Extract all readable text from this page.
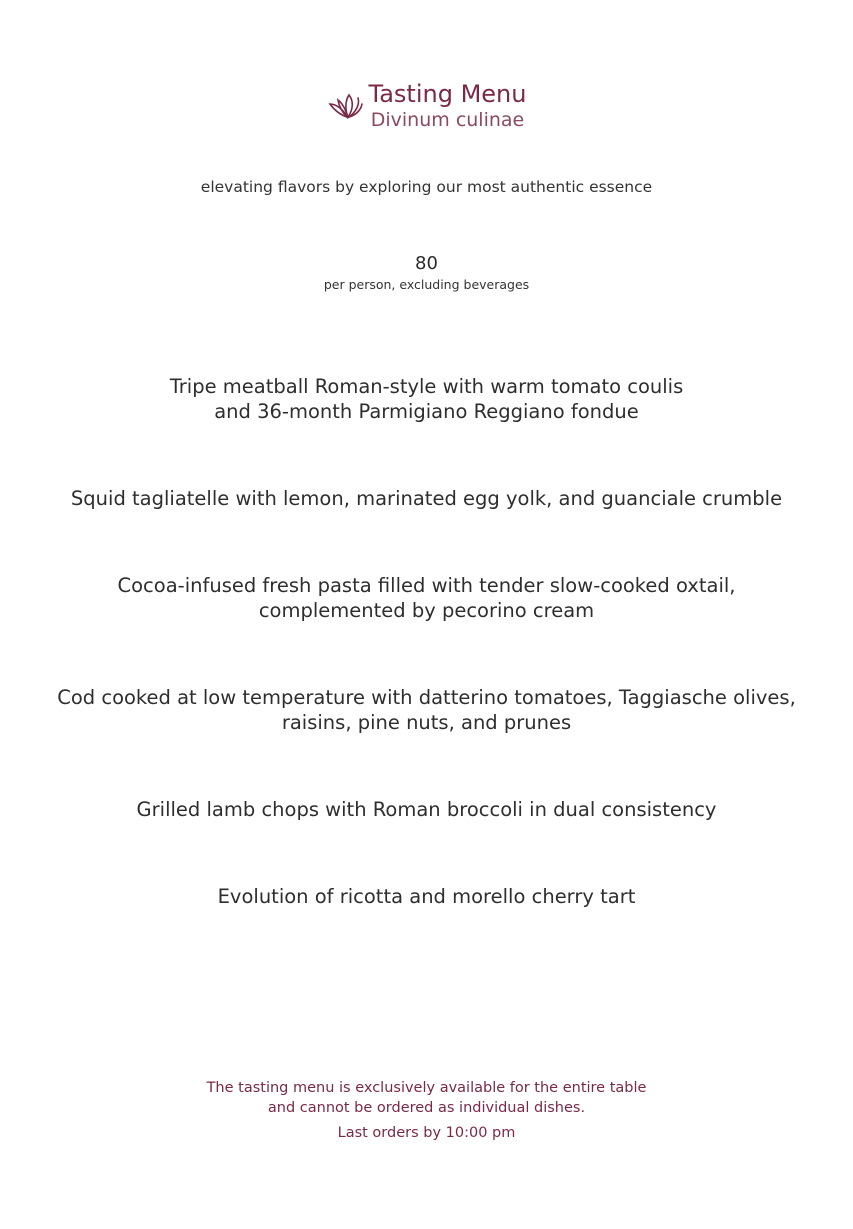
Tasting Menu
Divinum culinae
elevating flavors by exploring our most authentic essence
80
per person, excluding beverages
Tripe meatball Roman-style with warm tomato coulis
and 36-month Parmigiano Reggiano fondue
Squid tagliatelle with lemon, marinated egg yolk, and guanciale crumble
Cocoa-infused fresh pasta filled with tender slow-cooked oxtail,
complemented by pecorino cream
Cod cooked at low temperature with datterino tomatoes, Taggiasche olives,
raisins, pine nuts, and prunes
Grilled lamb chops with Roman broccoli in dual consistency
Evolution of ricotta and morello cherry tart
The tasting menu is exclusively available for the entire table
and cannot be ordered as individual dishes.
Last orders by 10:00 pm
